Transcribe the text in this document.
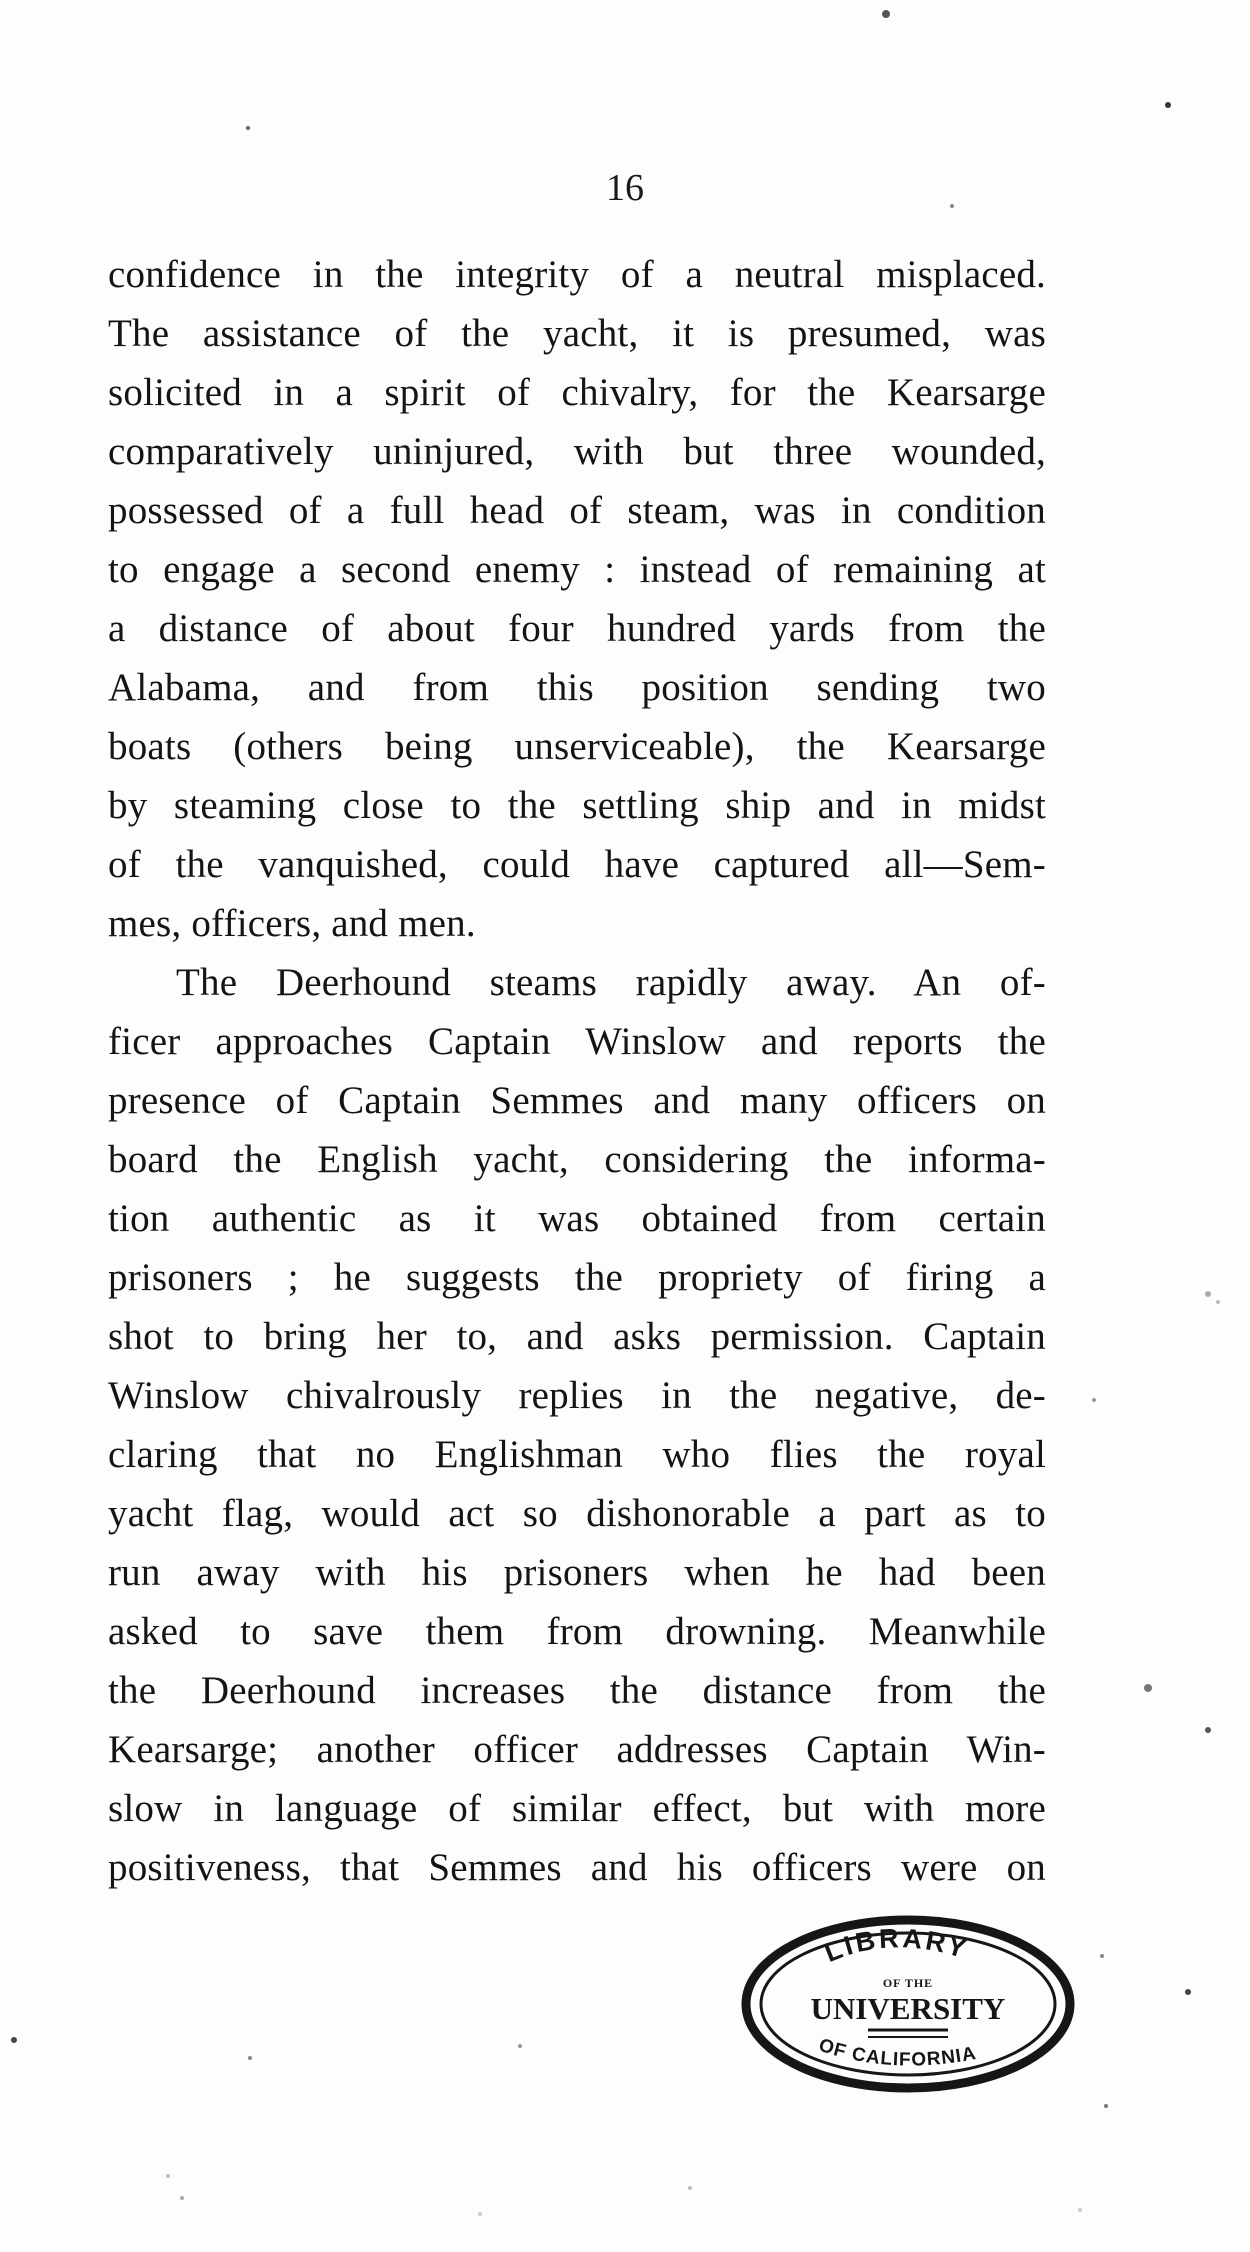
16
confidence in the integrity of a neutral misplaced.
The assistance of the yacht, it is presumed, was
solicited in a spirit of chivalry, for the Kearsarge
comparatively uninjured, with but three wounded,
possessed of a full head of steam, was in condition
to engage a second enemy : instead of remaining at
a distance of about four hundred yards from the
Alabama, and from this position sending two
boats (others being unserviceable), the Kearsarge
by steaming close to the settling ship and in midst
of the vanquished, could have captured all—Sem-
mes, officers, and men.
The Deerhound steams rapidly away. An of-
ficer approaches Captain Winslow and reports the
presence of Captain Semmes and many officers on
board the English yacht, considering the informa-
tion authentic as it was obtained from certain
prisoners ; he suggests the propriety of firing a
shot to bring her to, and asks permission. Captain
Winslow chivalrously replies in the negative, de-
claring that no Englishman who flies the royal
yacht flag, would act so dishonorable a part as to
run away with his prisoners when he had been
asked to save them from drowning. Meanwhile
the Deerhound increases the distance from the
Kearsarge; another officer addresses Captain Win-
slow in language of similar effect, but with more
positiveness, that Semmes and his officers were on
LIBRARY
OF THE
UNIVERSITY
OF CALIFORNIA
